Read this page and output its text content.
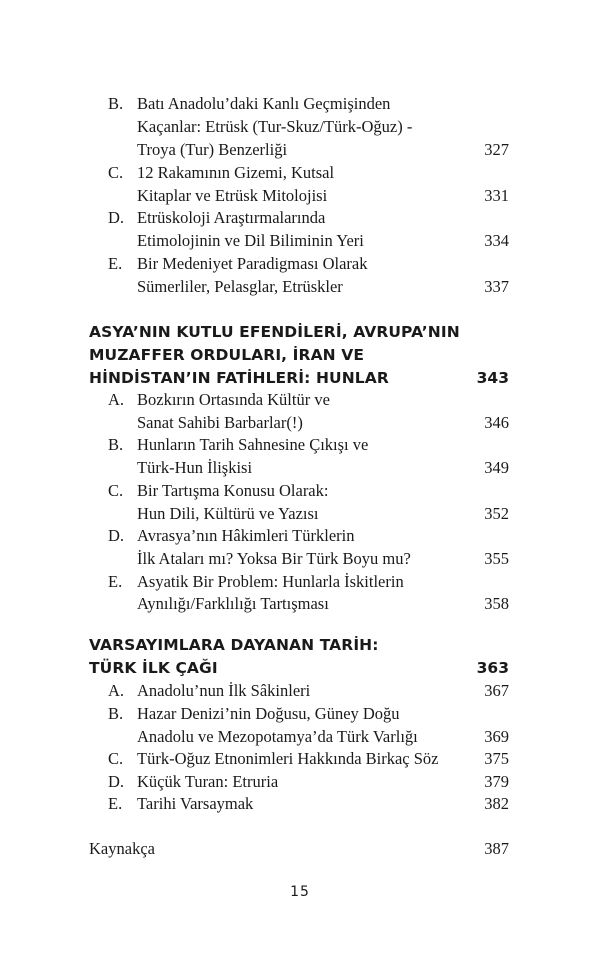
B. Batı Anadolu’daki Kanlı Geçmişinden
Kaçanlar: Etrüsk (Tur-Skuz/Türk-Oğuz) -
Troya (Tur) Benzerliği	327
C. 12 Rakamının Gizemi, Kutsal
Kitaplar ve Etrüsk Mitolojisi	331
D. Etrüskoloji Araştırmalarında
Etimolojinin ve Dil Biliminin Yeri	334
E. Bir Medeniyet Paradigması Olarak
Sümerliler, Pelasglar, Etrüskler	337
ASYA’NIN KUTLU EFENDİLERİ, AVRUPA’NIN
MUZAFFER ORDULARI, İRAN VE
HİNDİSTAN’IN FATİHLERİ: HUNLAR	343
A. Bozkırın Ortasında Kültür ve
Sanat Sahibi Barbarlar(!)	346
B. Hunların Tarih Sahnesine Çıkışı ve
Türk-Hun İlişkisi	349
C. Bir Tartışma Konusu Olarak:
Hun Dili, Kültürü ve Yazısı	352
D. Avrasya’nın Hâkimleri Türklerin
İlk Ataları mı? Yoksa Bir Türk Boyu mu?	355
E. Asyatik Bir Problem: Hunlarla İskitlerin
Aynılığı/Farklılığı Tartışması	358
VARSAYIMLARA DAYANAN TARİH:
TÜRK İLK ÇAĞI	363
A. Anadolu’nun İlk Sâkinleri	367
B. Hazar Denizi’nin Doğusu, Güney Doğu
Anadolu ve Mezopotamya’da Türk Varlığı	369
C. Türk-Oğuz Etnonimleri Hakkında Birkaç Söz	375
D. Küçük Turan: Etruria	379
E. Tarihi Varsaymak	382
Kaynakça	387
15
